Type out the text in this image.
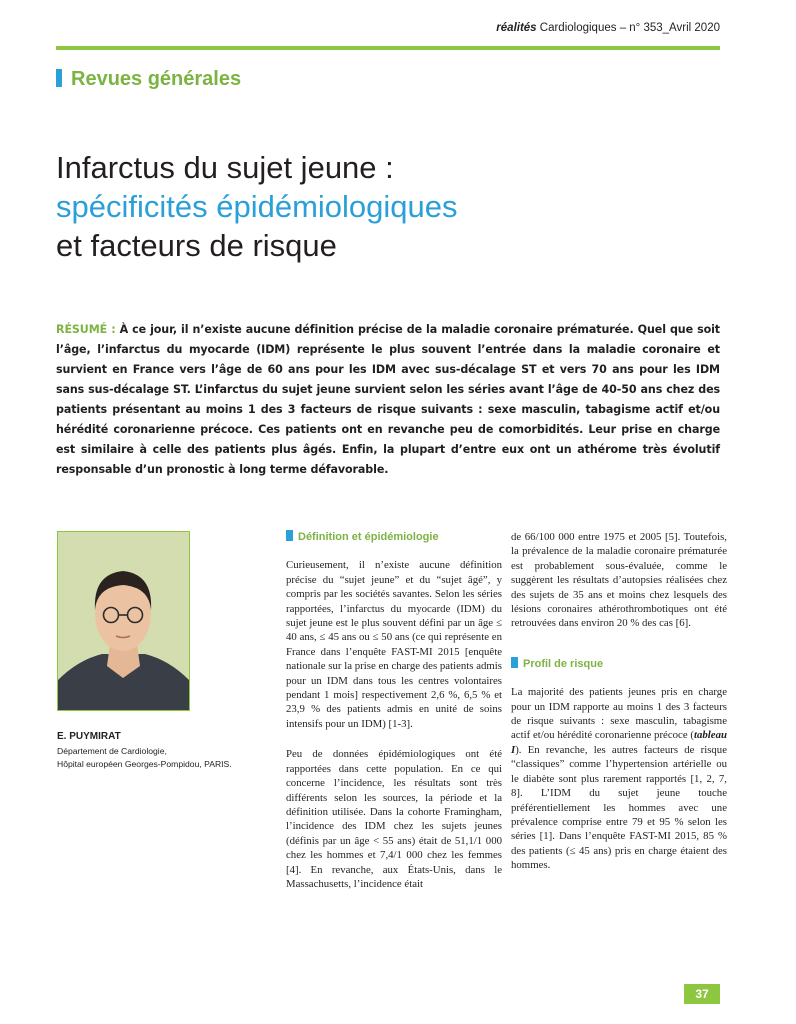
réalités Cardiologiques – n° 353_Avril 2020
Revues générales
Infarctus du sujet jeune :
spécificités épidémiologiques
et facteurs de risque
RÉSUMÉ : À ce jour, il n’existe aucune définition précise de la maladie coronaire prématurée. Quel que soit l’âge, l’infarctus du myocarde (IDM) représente le plus souvent l’entrée dans la maladie coronaire et survient en France vers l’âge de 60 ans pour les IDM avec sus-décalage ST et vers 70 ans pour les IDM sans sus-décalage ST. L’infarctus du sujet jeune survient selon les séries avant l’âge de 40-50 ans chez des patients présentant au moins 1 des 3 facteurs de risque suivants : sexe masculin, tabagisme actif et/ou hérédité coronarienne précoce. Ces patients ont en revanche peu de comorbidités. Leur prise en charge est similaire à celle des patients plus âgés. Enfin, la plupart d’entre eux ont un athérome très évolutif responsable d’un pronostic à long terme défavorable.
E. PUYMIRAT
Département de Cardiologie,
Hôpital européen Georges-Pompidou, PARIS.
Définition et épidémiologie

Curieusement, il n’existe aucune définition précise du “sujet jeune” et du “sujet âgé”, y compris par les sociétés savantes. Selon les séries rapportées, l’infarctus du myocarde (IDM) du sujet jeune est le plus souvent défini par un âge ≤ 40 ans, ≤ 45 ans ou ≤ 50 ans (ce qui représente en France dans l’enquête FAST-MI 2015 [enquête nationale sur la prise en charge des patients admis pour un IDM dans tous les centres volontaires pendant 1 mois] respectivement 2,6 %, 6,5 % et 23,9 % des patients admis en unité de soins intensifs pour un IDM) [1-3].

Peu de données épidémiologiques ont été rapportées dans cette population. En ce qui concerne l’incidence, les résultats sont très différents selon les sources, la période et la définition utilisée. Dans la cohorte Framingham, l’incidence des IDM chez les sujets jeunes (définis par un âge < 55 ans) était de 51,1/1 000 chez les hommes et 7,4/1 000 chez les femmes [4]. En revanche, aux États-Unis, dans le Massachusetts, l’incidence était

de 66/100 000 entre 1975 et 2005 [5]. Toutefois, la prévalence de la maladie coronaire prématurée est probablement sous-évaluée, comme le suggèrent les résultats d’autopsies réalisées chez des sujets de 35 ans et moins chez lesquels des lésions coronaires athérothrombotiques ont été retrouvées dans environ 20 % des cas [6].

Profil de risque

La majorité des patients jeunes pris en charge pour un IDM rapporte au moins 1 des 3 facteurs de risque suivants : sexe masculin, tabagisme actif et/ou hérédité coronarienne précoce (tableau I). En revanche, les autres facteurs de risque “classiques” comme l’hypertension artérielle ou le diabète sont plus rarement rapportés [1, 2, 7, 8]. L’IDM du sujet jeune touche préférentiellement les hommes avec une prévalence comprise entre 79 et 95 % selon les séries [1]. Dans l’enquête FAST-MI 2015, 85 % des patients (≤ 45 ans) pris en charge étaient des hommes.

37
